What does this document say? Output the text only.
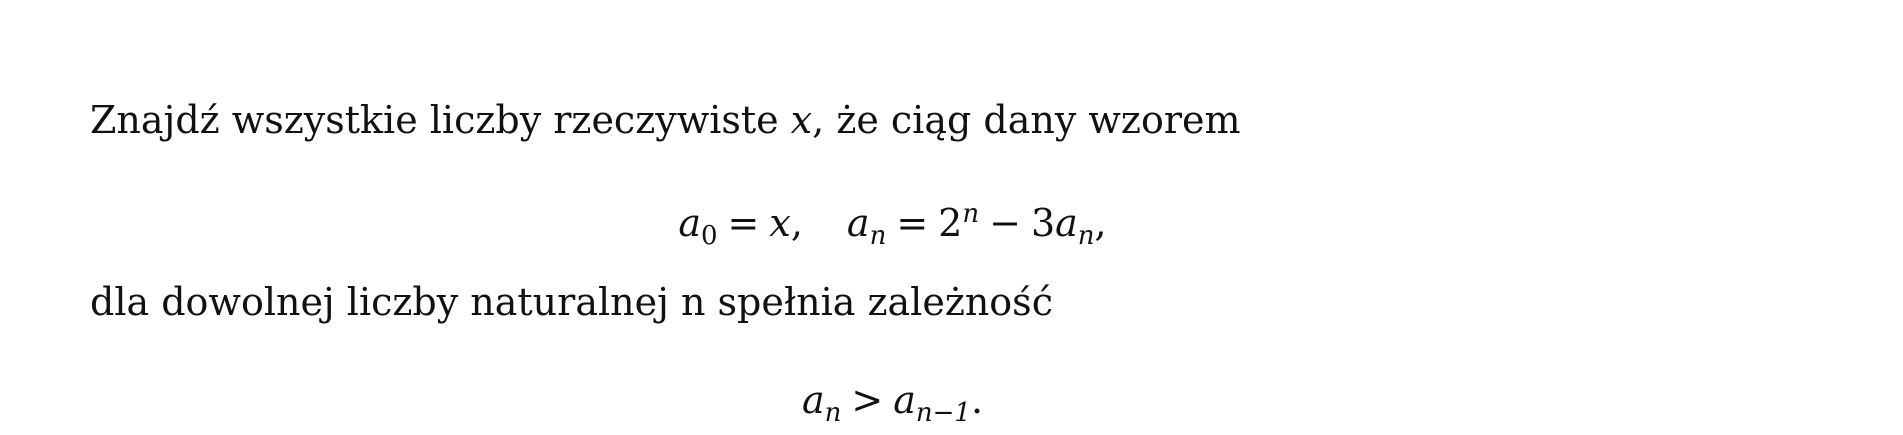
Znajdź wszystkie liczby rzeczywiste x, że ciąg dany wzorem
$a_0 = x$, $a_n = 2^n - 3a_n$,
dla dowolnej liczby naturalnej n spełnia zależność
$a_n > a_{n-1}$.
